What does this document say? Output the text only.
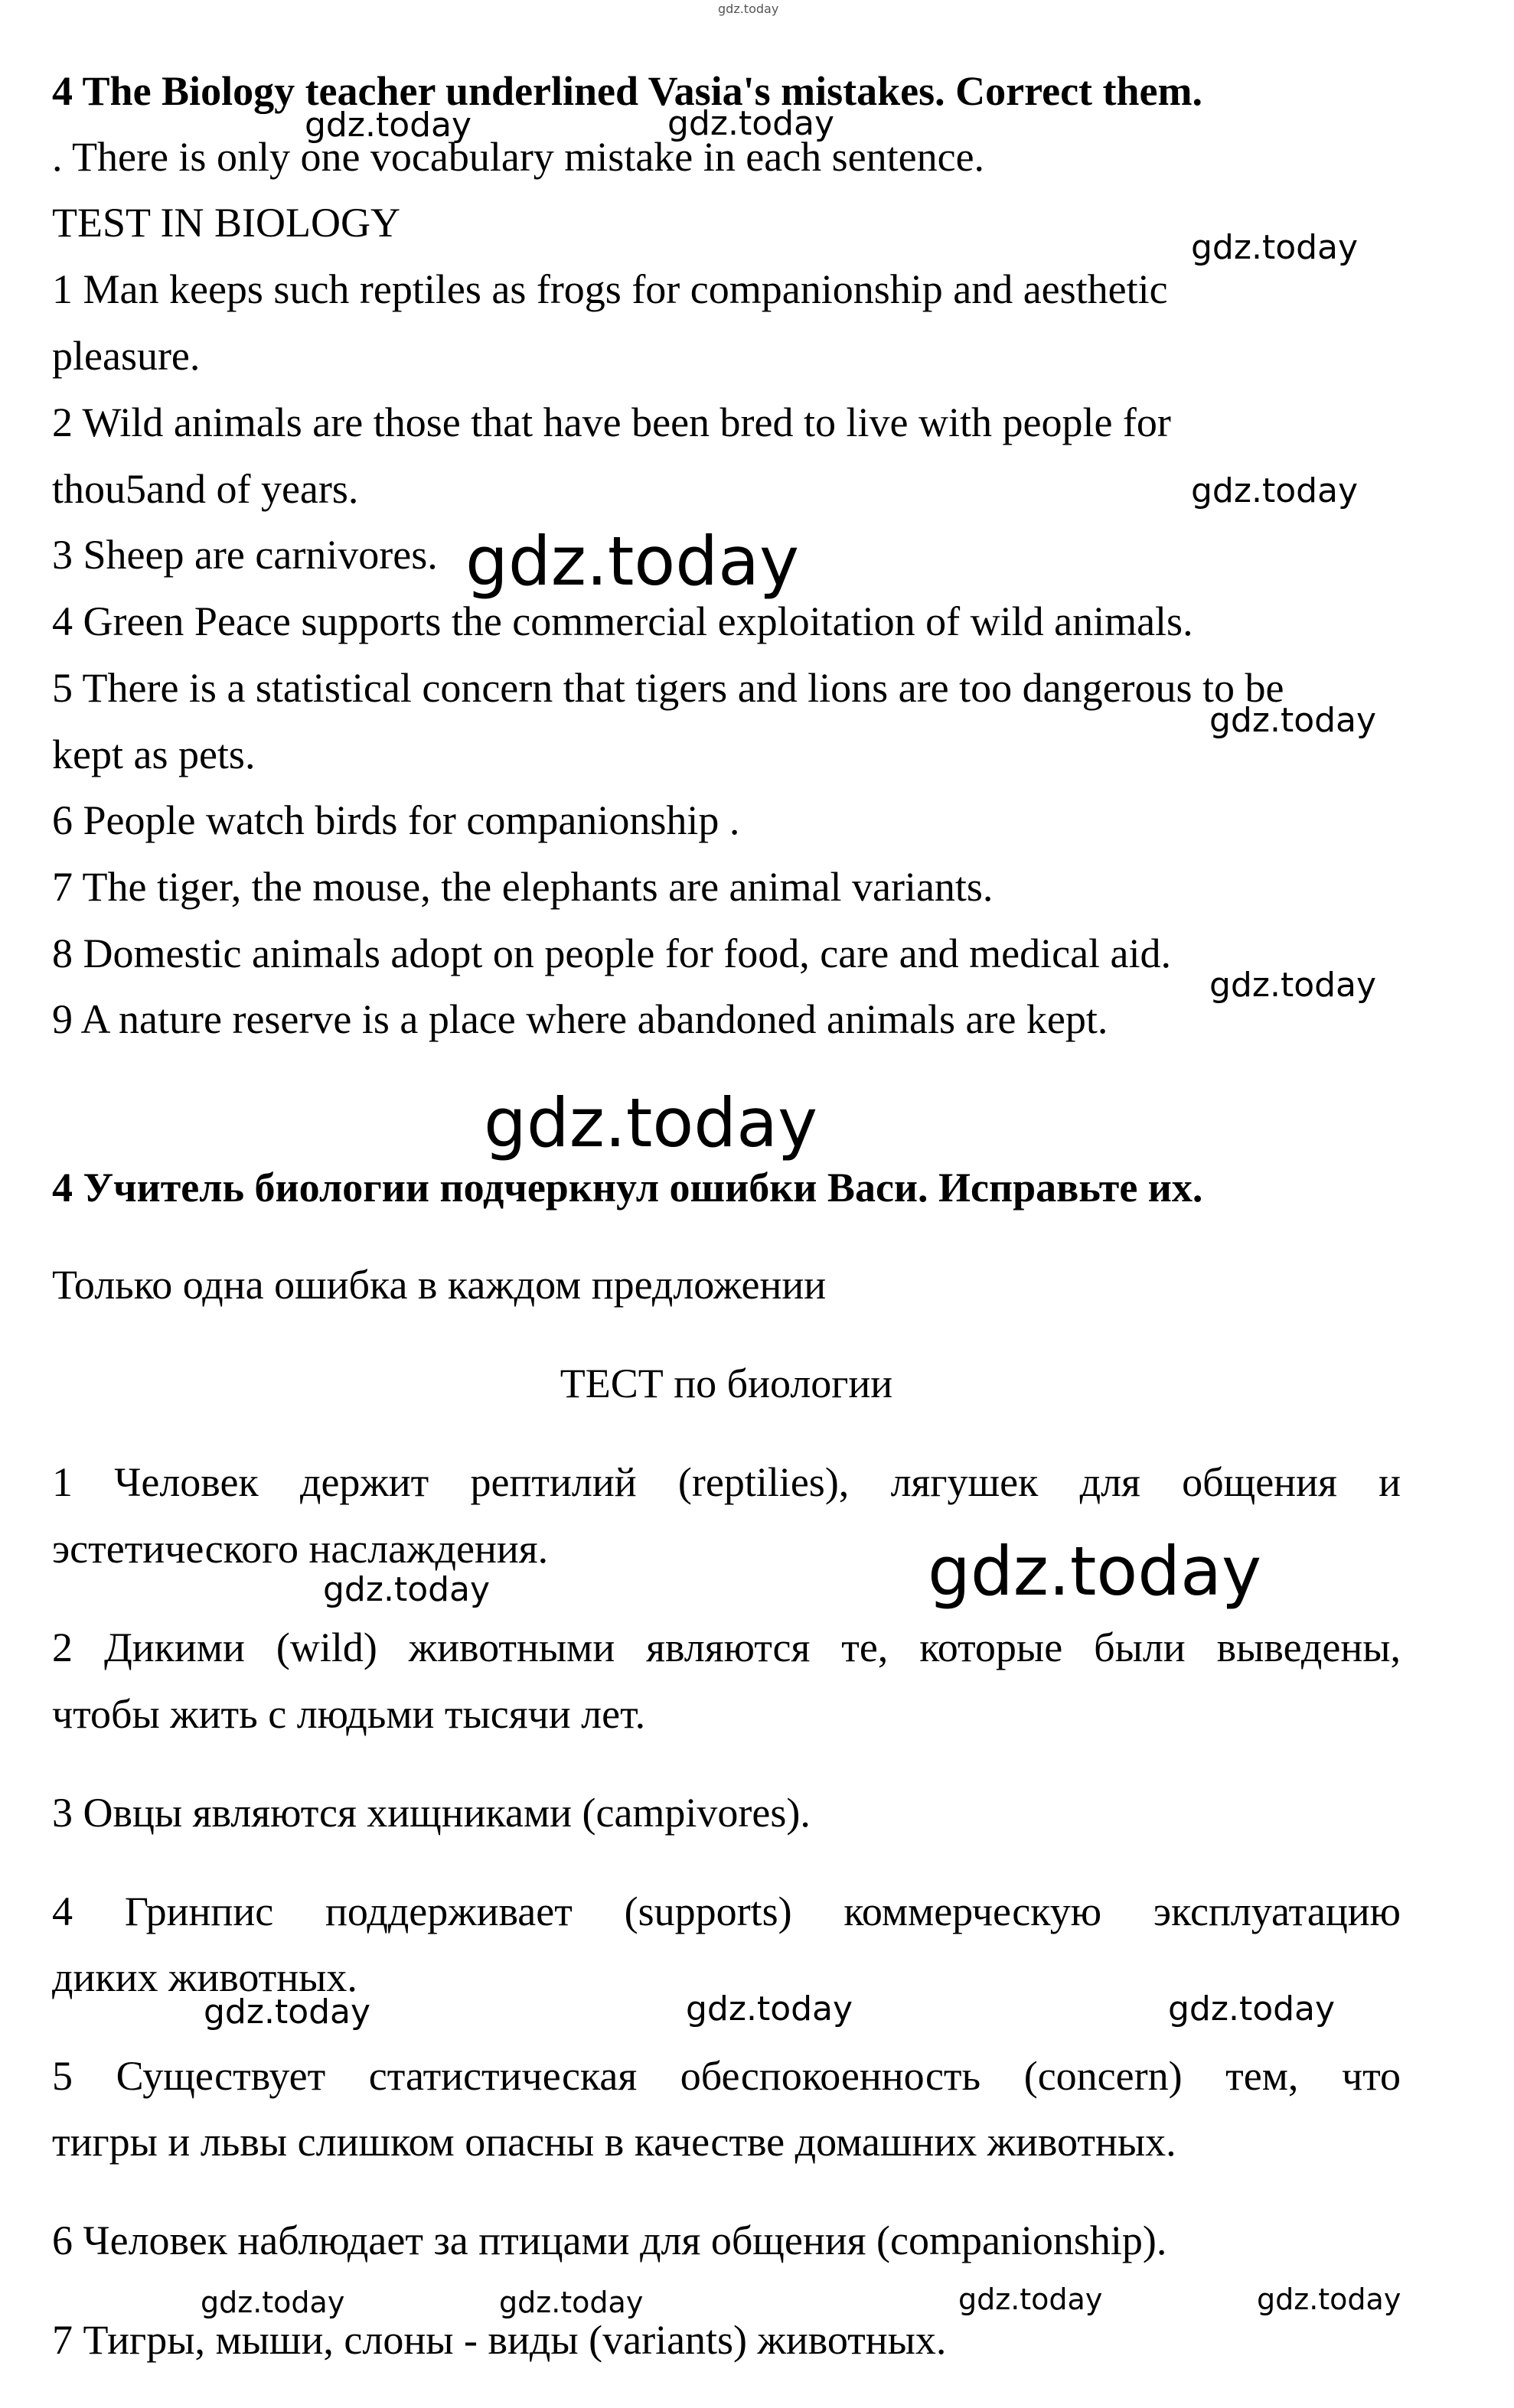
4 The Biology teacher underlined Vasia's mistakes. Correct them.
. There is only one vocabulary mistake in each sentence.
TEST IN BIOLOGY
1 Man keeps such reptiles as frogs for companionship and aesthetic
pleasure.
2 Wild animals are those that have been bred to live with people for
thou5and of years.
3 Sheep are carnivores.
4 Green Peace supports the commercial exploitation of wild animals.
5 There is a statistical concern that tigers and lions are too dangerous to be
kept as pets.
6 People watch birds for companionship .
7 The tiger, the mouse, the elephants are animal variants.
8 Domestic animals adopt on people for food, care and medical aid.
9 A nature reserve is a place where abandoned animals are kept.
4 Учитель биологии подчеркнул ошибки Васи. Исправьте их.
Только одна ошибка в каждом предложении
ТЕСТ по биологии
1 Человек держит рептилий (reptilies), лягушек для общения и
эстетического наслаждения.
2 Дикими (wild) животными являются те, которые были выведены,
чтобы жить с людьми тысячи лет.
3 Овцы являются хищниками (campivores).
4 Гринпис поддерживает (supports) коммерческую эксплуатацию
диких животных.
5 Существует статистическая обеспокоенность (concern) тем, что
тигры и львы слишком опасны в качестве домашних животных.
6 Человек наблюдает за птицами для общения (companionship).
7 Тигры, мыши, слоны - виды (variants) животных.
gdz.today
gdz.today	gdz.today
gdz.today
gdz.today
gdz.today
gdz.today
gdz.today
gdz.today
gdz.today	gdz.today
gdz.today	gdz.today	gdz.today
gdz.today	gdz.today	gdz.today	gdz.today
